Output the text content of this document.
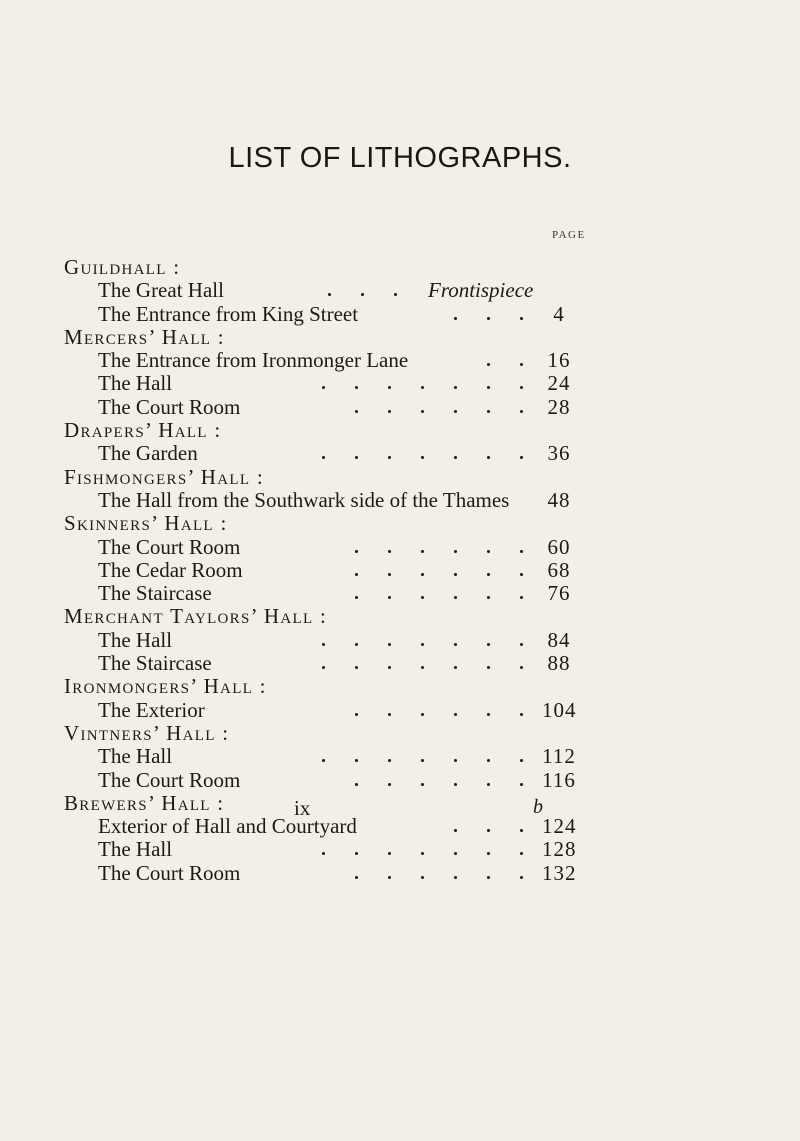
LIST OF LITHOGRAPHS.
PAGE
Guildhall :
The Great Hall	Frontispiece
The Entrance from King Street	4
Mercers’ Hall :
The Entrance from Ironmonger Lane	16
The Hall	24
The Court Room	28
Drapers’ Hall :
The Garden	36
Fishmongers’ Hall :
The Hall from the Southwark side of the Thames 48
Skinners’ Hall :
The Court Room	60
The Cedar Room	68
The Staircase	76
Merchant Taylors’ Hall :
The Hall	84
The Staircase	88
Ironmongers’ Hall :
The Exterior	104
Vintners’ Hall :
The Hall	112
The Court Room	116
Brewers’ Hall :
Exterior of Hall and Courtyard	124
The Hall	128
The Court Room	132
ix	b
